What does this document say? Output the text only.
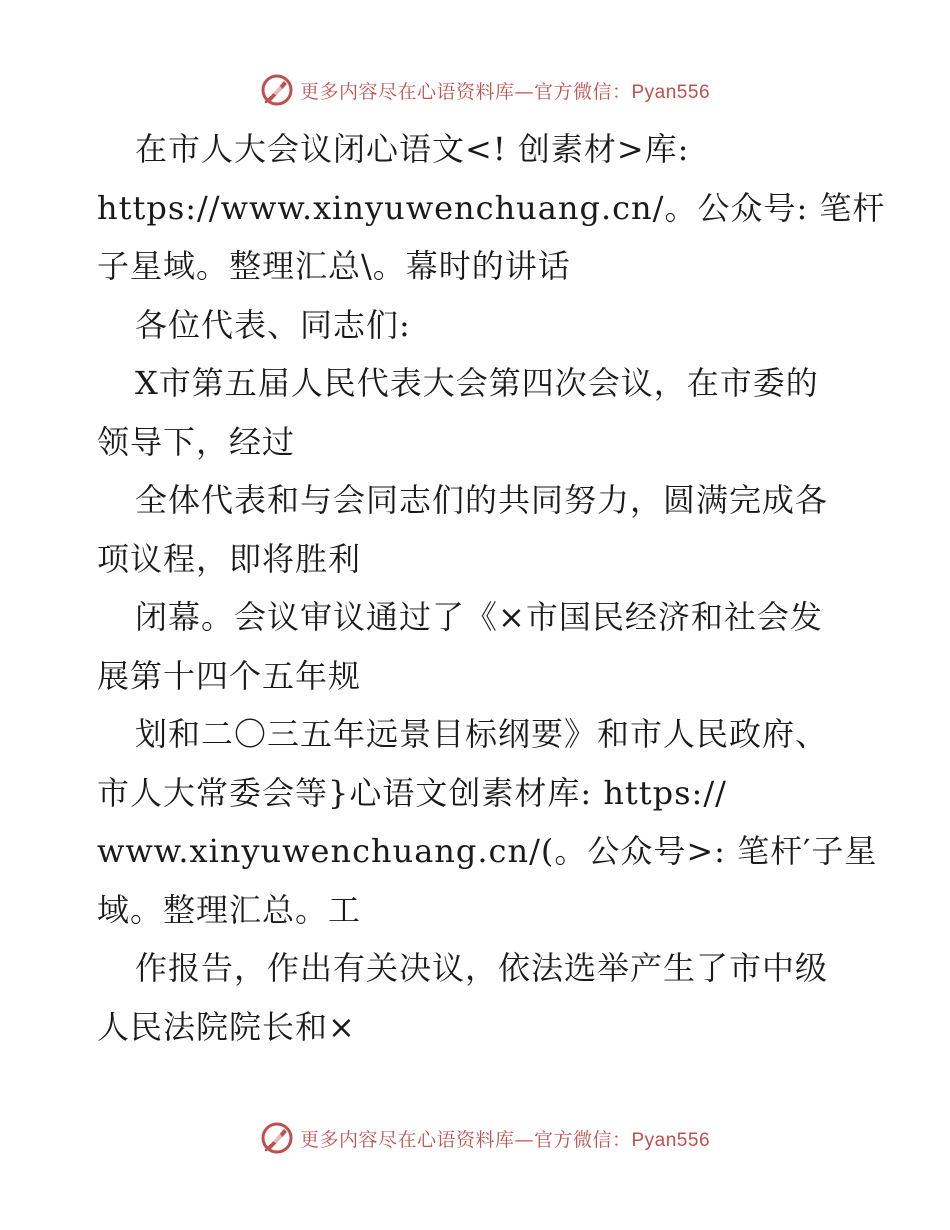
更多内容尽在心语资料库—官方微信：Pyan556
在市人大会议闭心语文<! 创素材>库:
https://www.xinyuwenchuang.cn/。公众号: 笔杆
子星域。整理汇总\。幕时的讲话
各位代表、同志们:
X市第五届人民代表大会第四次会议，在市委的
领导下，经过
全体代表和与会同志们的共同努力，圆满完成各
项议程，即将胜利
闭幕。会议审议通过了《×市国民经济和社会发
展第十四个五年规
划和二〇三五年远景目标纲要》和市人民政府、
市人大常委会等}心语文创素材库: https://
www.xinyuwenchuang.cn/(。公众号>: 笔杆′子星
域。整理汇总。工
作报告，作出有关决议，依法选举产生了市中级
人民法院院长和×
更多内容尽在心语资料库—官方微信：Pyan556
